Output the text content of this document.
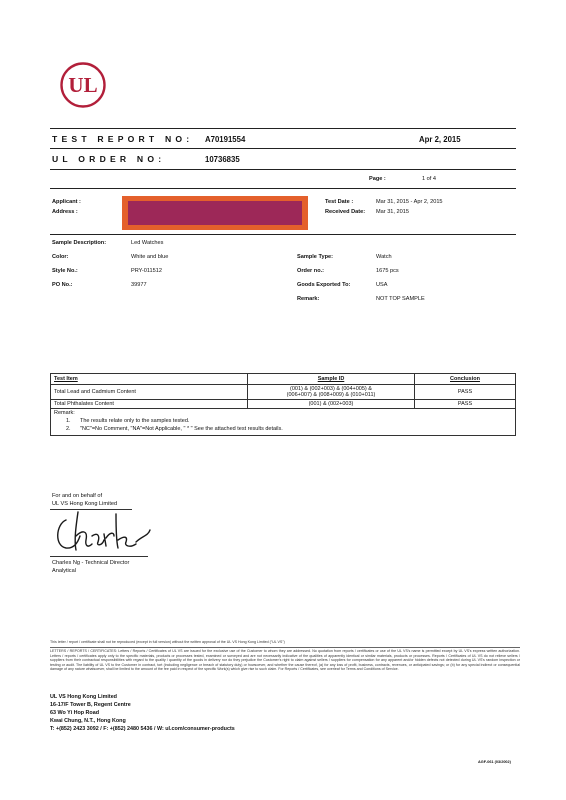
UL
TEST REPORT NO: A70191554	Apr 2, 2015
UL ORDER NO:	10736835
Page :	1 of 4
Applicant :
Address :
Test Date :	Mar 31, 2015 - Apr 2, 2015
Received Date: Mar 31, 2015
Sample Description:	Led Watches
Color:	White and blue
Style No.:	PRY-011512
PO No.:	39977
Sample Type:	Watch
Order no.:	1675 pcs
Goods Exported To:	USA
Remark:	NOT TOP SAMPLE
Test Item	Sample ID	Conclusion
Total Lead and Cadmium Content	(001) & (002+003) & (004+005) &
(006+007) & (008+009) & (010+011)	PASS
Total Phthalates Content	(001) & (002+003)	PASS

Remark:
1. The results relate only to the samples tested.
2. "NC"=No Comment, "NA"=Not Applicable, " * " See the attached test results details.		
For and on behalf of
UL VS Hong Kong Limited
Charles Ng - Technical Director
Analytical
This letter / report / certificate shall not be reproduced (except in full version) without the written approval of the UL VS Hong Kong Limited ("UL VS")
LETTERS / REPORTS / CERTIFICATES: Letters / Reports / Certificates of UL VS are issued for the exclusive use of the Customer to whom they are addressed. No quotation from reports / certificates or use of the UL VS's name is permitted except by UL VS's express written authorization. Letters / reports / certificates apply only to the specific materials, products or processes tested, examined or surveyed and are not necessarily indicative of the qualities of apparently identical or similar materials, products or processes. Reports / Certificates of UL VS do not relieve sellers / suppliers from their contractual responsibilities with regard to the quality / quantity of the goods in delivery nor do they prejudice the Customer's right to claim against sellers / suppliers for compensation for any apparent and/or hidden defects not detected during UL VS's random inspection or testing or audit. The liability of UL VS to the Customer in contract, tort (including negligence or breach of statutory duty) or howsoever, and whether the cause thereof, (a) for any loss of profit, business, contracts, revenues, or anticipated savings; or (b) for any special indirect or consequential damage of any nature whatsoever, shall be limited to the amount of the fee paid in respect of the specific Work(s) which give rise to such claim. For Reports / Certificates, see overleaf for Terms and Conditions of Service.
UL VS Hong Kong Limited
16-17/F Tower B, Regent Centre
63 Wo Yi Hop Road
Kwai Chung, N.T., Hong Kong
T: +(852) 2423 3092 / F: +(852) 2480 5436 / W: ul.com/consumer-products
AGF-061 (03/2002)
